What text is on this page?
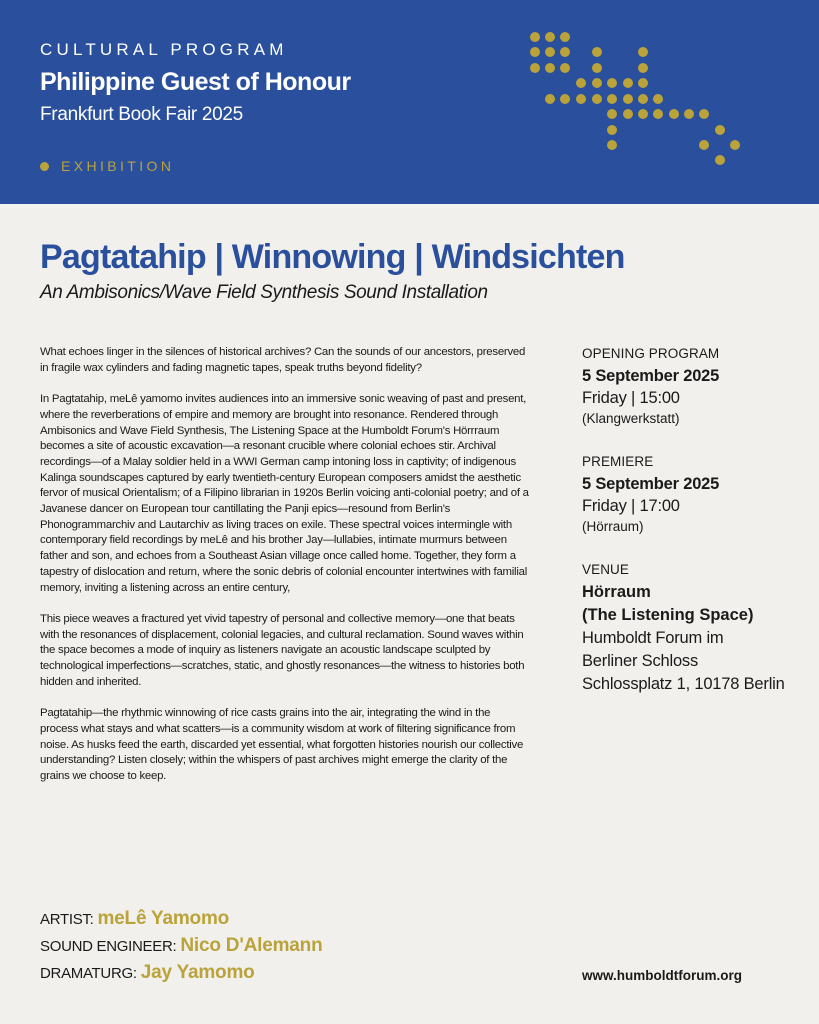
CULTURAL PROGRAM
Philippine Guest of Honour
Frankfurt Book Fair 2025
EXHIBITION
Pagtatahip | Winnowing | Windsichten
An Ambisonics/Wave Field Synthesis Sound Installation

What echoes linger in the silences of historical archives? Can the sounds of our ancestors, preserved in fragile wax cylinders and fading magnetic tapes, speak truths beyond fidelity?

In Pagtatahip, meLê yamomo invites audiences into an immersive sonic weaving of past and present, where the reverberations of empire and memory are brought into resonance. Rendered through Ambisonics and Wave Field Synthesis, The Listening Space at the Humboldt Forum's Hörrraum becomes a site of acoustic excavation—a resonant crucible where colonial echoes stir. Archival recordings—of a Malay soldier held in a WWI German camp intoning loss in captivity; of indigenous Kalinga soundscapes captured by early twentieth-century European composers amidst the aesthetic fervor of musical Orientalism; of a Filipino librarian in 1920s Berlin voicing anti-colonial poetry; and of a Javanese dancer on European tour cantillating the Panji epics—resound from Berlin's Phonogrammarchiv and Lautarchiv as living traces on exile. These spectral voices intermingle with contemporary field recordings by meLê and his brother Jay—lullabies, intimate murmurs between father and son, and echoes from a Southeast Asian village once called home. Together, they form a tapestry of dislocation and return, where the sonic debris of colonial encounter intertwines with familial memory, inviting a listening across an entire century,

This piece weaves a fractured yet vivid tapestry of personal and collective memory—one that beats with the resonances of displacement, colonial legacies, and cultural reclamation. Sound waves within the space becomes a mode of inquiry as listeners navigate an acoustic landscape sculpted by technological imperfections—scratches, static, and ghostly resonances—the witness to histories both hidden and inherited.

Pagtatahip—the rhythmic winnowing of rice casts grains into the air, integrating the wind in the process what stays and what scatters—is a community wisdom at work of filtering significance from noise. As husks feed the earth, discarded yet essential, what forgotten histories nourish our collective understanding? Listen closely; within the whispers of past archives might emerge the clarity of the grains we choose to keep.

OPENING PROGRAM
5 September 2025
Friday | 15:00
(Klangwerkstatt)
PREMIERE
5 September 2025
Friday | 17:00
(Hörraum)
VENUE
Hörraum
(The Listening Space)
Humboldt Forum im
Berliner Schloss
Schlossplatz 1, 10178 Berlin
ARTIST: meLê Yamomo
SOUND ENGINEER: Nico D'Alemann
DRAMATURG: Jay Yamomo	www.humboldtforum.org
